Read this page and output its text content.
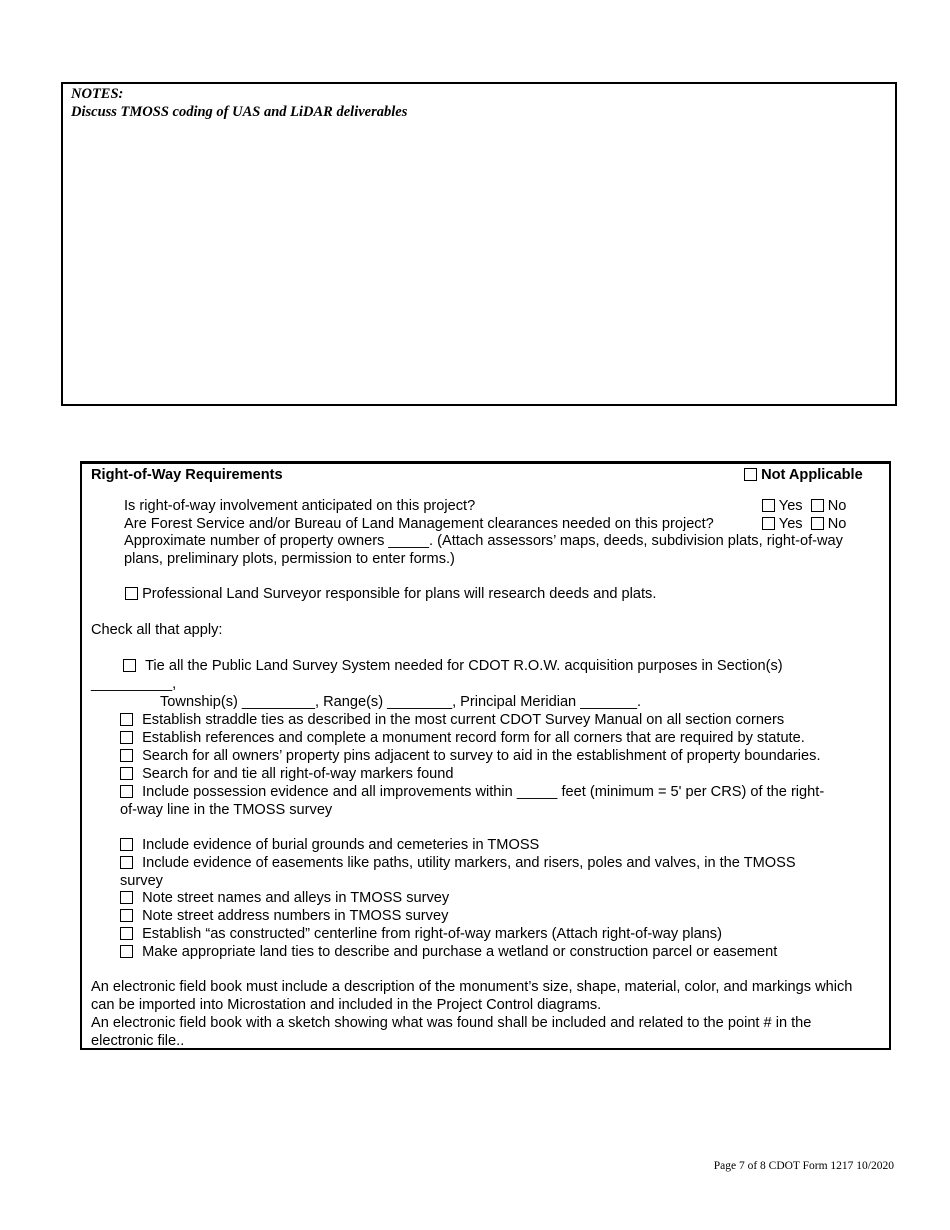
NOTES:
Discuss TMOSS coding of UAS and LiDAR deliverables
Right-of-Way Requirements	Not Applicable
Is right-of-way involvement anticipated on this project?	Yes No
Are Forest Service and/or Bureau of Land Management clearances needed on this project?	Yes No
Approximate number of property owners _____. (Attach assessors’ maps, deeds, subdivision plats, right-of-way plans, preliminary plots, permission to enter forms.)
Professional Land Surveyor responsible for plans will research deeds and plats.
Check all that apply:
Tie all the Public Land Survey System needed for CDOT R.O.W. acquisition purposes in Section(s)
__________,
Township(s) _________, Range(s) ________, Principal Meridian _______.
Establish straddle ties as described in the most current CDOT Survey Manual on all section corners
Establish references and complete a monument record form for all corners that are required by statute.
Search for all owners’ property pins adjacent to survey to aid in the establishment of property boundaries.
Search for and tie all right-of-way markers found
Include possession evidence and all improvements within _____ feet (minimum = 5' per CRS) of the right-
of-way line in the TMOSS survey
Include evidence of burial grounds and cemeteries in TMOSS
Include evidence of easements like paths, utility markers, and risers, poles and valves, in the TMOSS
survey
Note street names and alleys in TMOSS survey
Note street address numbers in TMOSS survey
Establish “as constructed” centerline from right-of-way markers (Attach right-of-way plans)
Make appropriate land ties to describe and purchase a wetland or construction parcel or easement
An electronic field book must include a description of the monument’s size, shape, material, color, and markings which can be imported into Microstation and included in the Project Control diagrams.
An electronic field book with a sketch showing what was found shall be included and related to the point # in the electronic file..
Page 7 of 8 CDOT Form 1217 10/2020
